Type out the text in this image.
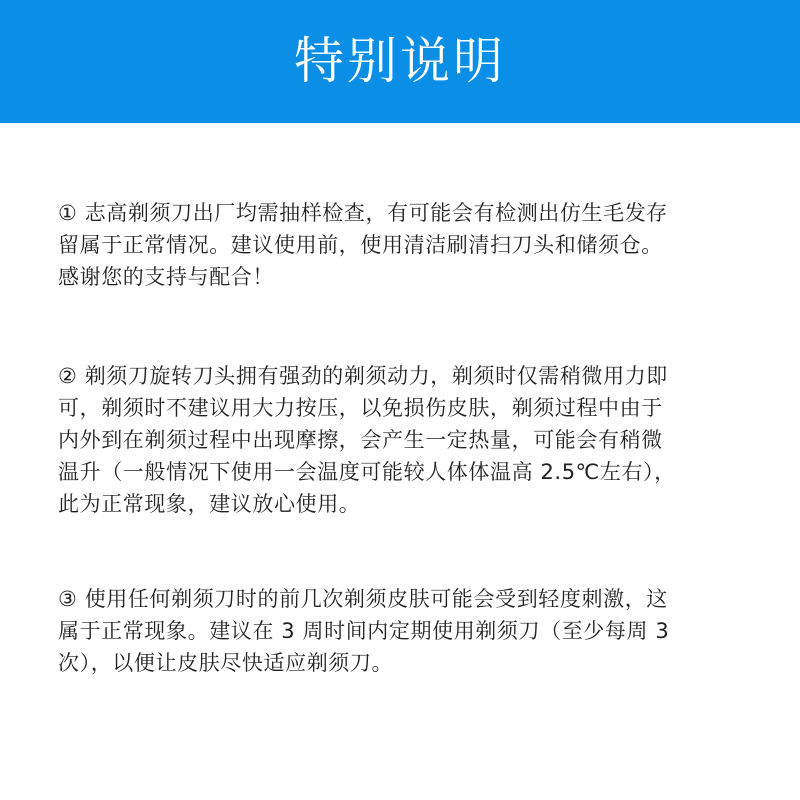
特别说明
① 志高剃须刀出厂均需抽样检查，有可能会有检测出仿生毛发存
留属于正常情况。建议使用前，使用清洁刷清扫刀头和储须仓。
感谢您的支持与配合！
② 剃须刀旋转刀头拥有强劲的剃须动力，剃须时仅需稍微用力即
可，剃须时不建议用大力按压，以免损伤皮肤，剃须过程中由于
内外到在剃须过程中出现摩擦，会产生一定热量，可能会有稍微
温升（一般情况下使用一会温度可能较人体体温高 2.5℃左右），
此为正常现象，建议放心使用。
③ 使用任何剃须刀时的前几次剃须皮肤可能会受到轻度刺激，这
属于正常现象。建议在 3 周时间内定期使用剃须刀（至少每周 3
次），以便让皮肤尽快适应剃须刀。
